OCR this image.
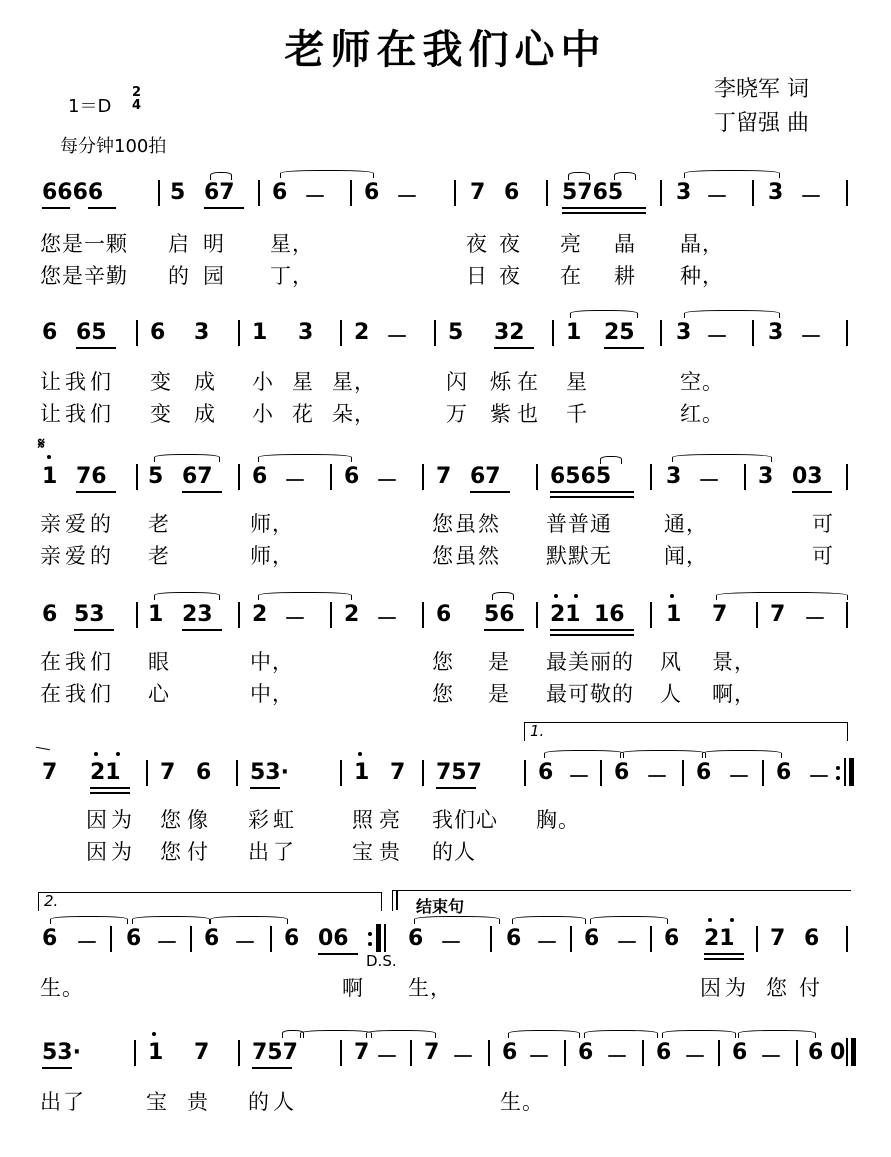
老师在我们心中
1＝D
2
4
每分钟100拍
李晓军 词
丁留强 曲
6666	5 67 6 － 6 － 7 6 5765 3 － 3 －
您是一颗 启明 星，	夜夜 亮 晶 晶，
您是辛勤 的园 丁，	日夜 在 耕 种，
6 65 6 3 1 3 2 － 5 32 1 25 3 － 3 －
让我们 变 成 小 星 星，	闪 烁在 星	空。
让我们 变 成 小 花 朵，	万 紫也 千	红。
𝄋
1 76 5 67 6 － 6 － 7 67 6565 3 － 3 03
亲爱的 老	师，	您虽然 普普通 通，	可
亲爱的 老	师，	您虽然 默默无 闻，	可
6 53 1 23 2 － 2 － 6 56 21 16 1 7 7 －
在我们 眼	中，	您 是 最美丽的 风 景，
在我们 心	中，	您 是 最可敬的 人 啊，
1.
7 21 7 6 53·	1 7 757	6 － 6 － 6 － 6 －
因为 您像 彩虹	照亮 我们心 胸。
因为 您付 出了	宝贵 的人
2.	结束句
6 － 6 － 6 － 6 06
D.S.
6 － 6 － 6 － 6 21 7 6
生。	啊 生，	因为 您付
53·	1 7 757	7 － 7 － 6 － 6 － 6 － 6 － 6 0
出了	宝贵 的人	生。
